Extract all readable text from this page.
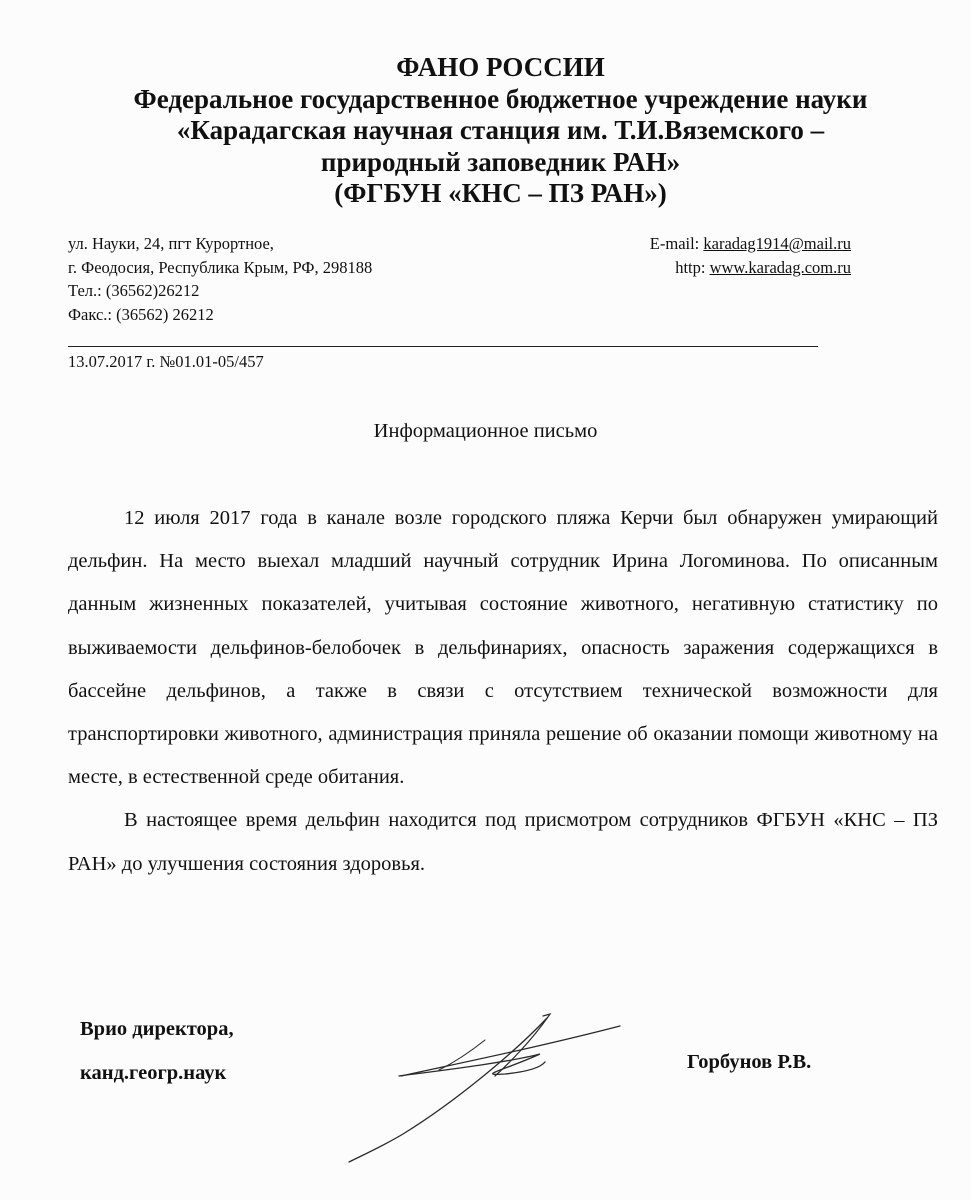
ФАНО РОССИИ
Федеральное государственное бюджетное учреждение науки
«Карадагская научная станция им. Т.И.Вяземского –
природный заповедник РАН»
(ФГБУН «КНС – ПЗ РАН»)
ул. Науки, 24, пгт Курортное,
г. Феодосия, Республика Крым, РФ, 298188
Тел.: (36562)26212
Факс.: (36562) 26212
E-mail: karadag1914@mail.ru
http: www.karadag.com.ru
13.07.2017 г. №01.01-05/457
Информационное письмо

12 июля 2017 года в канале возле городского пляжа Керчи был обнаружен умирающий дельфин. На место выехал младший научный сотрудник Ирина Логоминова. По описанным данным жизненных показателей, учитывая состояние животного, негативную статистику по выживаемости дельфинов-белобочек в дельфинариях, опасность заражения содержащихся в бассейне дельфинов, а также в связи с отсутствием технической возможности для транспортировки животного, администрация приняла решение об оказании помощи животному на месте, в естественной среде обитания.

В настоящее время дельфин находится под присмотром сотрудников ФГБУН «КНС – ПЗ РАН» до улучшения состояния здоровья.

Врио директора,
канд.геогр.наук	Горбунов Р.В.
